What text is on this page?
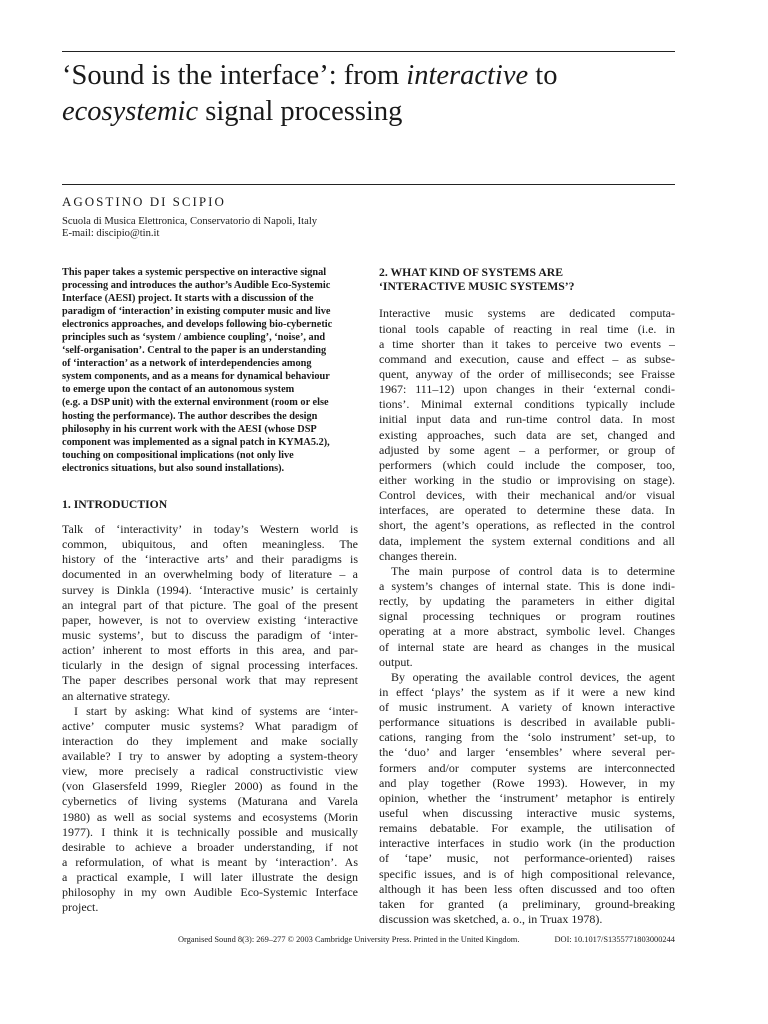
‘Sound is the interface’: from interactive to
ecosystemic signal processing

AGOSTINO DI SCIPIO

Scuola di Musica Elettronica, Conservatorio di Napoli, Italy
E-mail: discipio@tin.it
This paper takes a systemic perspective on interactive signal
processing and introduces the author’s Audible Eco-Systemic
Interface (AESI) project. It starts with a discussion of the
paradigm of ‘interaction’ in existing computer music and live
electronics approaches, and develops following bio-cybernetic
principles such as ‘system / ambience coupling’, ‘noise’, and
‘self-organisation’. Central to the paper is an understanding
of ‘interaction’ as a network of interdependencies among
system components, and as a means for dynamical behaviour
to emerge upon the contact of an autonomous system
(e.g. a DSP unit) with the external environment (room or else
hosting the performance). The author describes the design
philosophy in his current work with the AESI (whose DSP
component was implemented as a signal patch in KYMA5.2),
touching on compositional implications (not only live
electronics situations, but also sound installations).

1. INTRODUCTION

Talk of ‘interactivity’ in today’s Western world is
common, ubiquitous, and often meaningless. The
history of the ‘interactive arts’ and their paradigms is
documented in an overwhelming body of literature – a
survey is Dinkla (1994). ‘Interactive music’ is certainly
an integral part of that picture. The goal of the present
paper, however, is not to overview existing ‘interactive
music systems’, but to discuss the paradigm of ‘inter-
action’ inherent to most efforts in this area, and par-
ticularly in the design of signal processing interfaces.
The paper describes personal work that may represent
an alternative strategy.
I start by asking: What kind of systems are ‘inter-
active’ computer music systems? What paradigm of
interaction do they implement and make socially
available? I try to answer by adopting a system-theory
view, more precisely a radical constructivistic view
(von Glasersfeld 1999, Riegler 2000) as found in the
cybernetics of living systems (Maturana and Varela
1980) as well as social systems and ecosystems (Morin
1977). I think it is technically possible and musically
desirable to achieve a broader understanding, if not
a reformulation, of what is meant by ‘interaction’. As
a practical example, I will later illustrate the design
philosophy in my own Audible Eco-Systemic Interface
project.

2. WHAT KIND OF SYSTEMS ARE
‘INTERACTIVE MUSIC SYSTEMS’?

Interactive music systems are dedicated computa-
tional tools capable of reacting in real time (i.e. in
a time shorter than it takes to perceive two events –
command and execution, cause and effect – as subse-
quent, anyway of the order of milliseconds; see Fraisse
1967: 111–12) upon changes in their ‘external condi-
tions’. Minimal external conditions typically include
initial input data and run-time control data. In most
existing approaches, such data are set, changed and
adjusted by some agent – a performer, or group of
performers (which could include the composer, too,
either working in the studio or improvising on stage).
Control devices, with their mechanical and/or visual
interfaces, are operated to determine these data. In
short, the agent’s operations, as reflected in the control
data, implement the system external conditions and all
changes therein.
The main purpose of control data is to determine
a system’s changes of internal state. This is done indi-
rectly, by updating the parameters in either digital
signal processing techniques or program routines
operating at a more abstract, symbolic level. Changes
of internal state are heard as changes in the musical
output.
By operating the available control devices, the agent
in effect ‘plays’ the system as if it were a new kind
of music instrument. A variety of known interactive
performance situations is described in available publi-
cations, ranging from the ‘solo instrument’ set-up, to
the ‘duo’ and larger ‘ensembles’ where several per-
formers and/or computer systems are interconnected
and play together (Rowe 1993). However, in my
opinion, whether the ‘instrument’ metaphor is entirely
useful when discussing interactive music systems,
remains debatable. For example, the utilisation of
interactive interfaces in studio work (in the production
of ‘tape’ music, not performance-oriented) raises
specific issues, and is of high compositional relevance,
although it has been less often discussed and too often
taken for granted (a preliminary, ground-breaking
discussion was sketched, a. o., in Truax 1978).
Organised Sound 8(3): 269–277 © 2003 Cambridge University Press. Printed in the United Kingdom.	DOI: 10.1017/S1355771803000244
